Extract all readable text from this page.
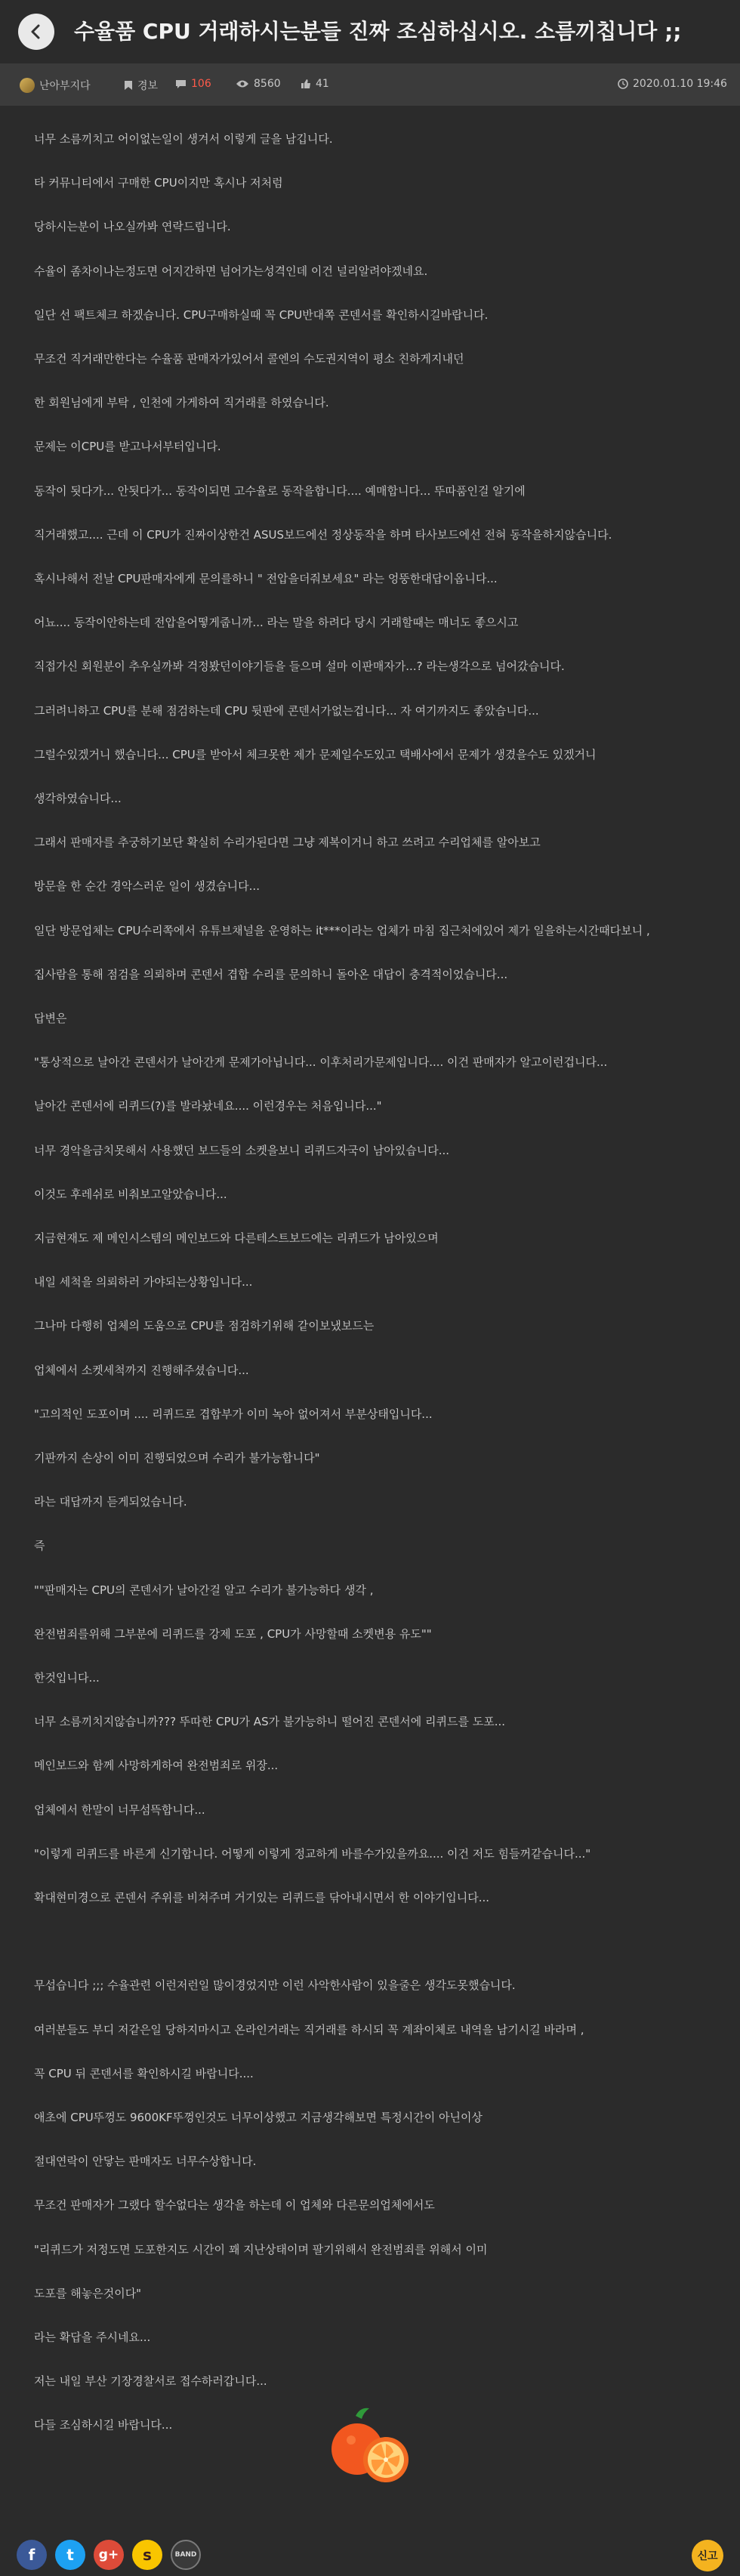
수율품 CPU 거래하시는분들 진짜 조심하십시오. 소름끼칩니다 ;;
난아부지다	경보	106	8560	41	2020.01.10 19:46
너무 소름끼치고 어이없는일이 생겨서 이렇게 글을 남깁니다.
타 커뮤니티에서 구매한 CPU이지만 혹시나 저처럼
당하시는분이 나오실까봐 연락드립니다.
수율이 좀차이나는정도면 어지간하면 넘어가는성격인데 이건 널리알려야겠네요.
일단 선 팩트체크 하겠습니다. CPU구매하실때 꼭 CPU반대쪽 콘덴서를 확인하시길바랍니다.
무조건 직거래만한다는 수율품 판매자가있어서 콜엔의 수도권지역이 평소 친하게지내던
한 회원님에게 부탁 , 인천에 가게하여 직거래를 하였습니다.
문제는 이CPU를 받고나서부터입니다.
동작이 됫다가... 안됫다가... 동작이되면 고수율로 동작을합니다.... 예매합니다... 뚜따품인걸 알기에
직거래했고.... 근데 이 CPU가 진짜이상한건 ASUS보드에선 정상동작을 하며 타사보드에선 전혀 동작을하지않습니다.
혹시나해서 전날 CPU판매자에게 문의를하니 " 전압을더줘보세요" 라는 엉뚱한대답이옵니다...
어뇨.... 동작이안하는데 전압을어떻게줍니까... 라는 말을 하려다 당시 거래할때는 매너도 좋으시고
직접가신 회원분이 추우실까봐 걱정봤던이야기들을 들으며 설마 이판매자가...? 라는생각으로 넘어갔습니다.
그러려니하고 CPU를 분해 점검하는데 CPU 뒷판에 콘덴서가없는겁니다... 자 여기까지도 좋았습니다...
그럴수있겠거니 했습니다... CPU를 받아서 체크못한 제가 문제일수도있고 택배사에서 문제가 생겼을수도 있겠거니
생각하였습니다...
그래서 판매자를 추궁하기보단 확실히 수리가된다면 그냥 제복이거니 하고 쓰려고 수리업체를 알아보고
방문을 한 순간 경악스러운 일이 생겼습니다...
일단 방문업체는 CPU수리쪽에서 유튜브채널을 운영하는 it***이라는 업체가 마침 집근처에있어 제가 일을하는시간때다보니 ,
집사람을 통해 점검을 의뢰하며 콘덴서 겹합 수리를 문의하니 돌아온 대답이 충격적이었습니다...
답변은
"통상적으로 날아간 콘덴서가 날아간게 문제가아닙니다... 이후처리가문제입니다.... 이건 판매자가 알고이런겁니다...
날아간 콘덴서에 리퀴드(?)를 발라놨네요.... 이런경우는 처음입니다..."
너무 경악을금치못해서 사용했던 보드들의 소켓을보니 리퀴드자국이 남아있습니다...
이것도 후레쉬로 비춰보고알았습니다...
지금현재도 제 메인시스템의 메인보드와 다른테스트보드에는 리퀴드가 남아있으며
내일 세척을 의뢰하러 가야되는상황입니다...
그나마 다행히 업체의 도움으로 CPU를 점검하기위해 같이보냈보드는
업체에서 소켓세척까지 진행해주셨습니다...
"고의적인 도포이며 .... 리퀴드로 겹합부가 이미 녹아 없어져서 부분상태입니다...
기판까지 손상이 이미 진행되었으며 수리가 불가능합니다"
라는 대답까지 듣게되었습니다.
즉
""판매자는 CPU의 콘덴서가 날아간걸 알고 수리가 불가능하다 생각 ,
완전범죄를위해 그부분에 리퀴드를 강제 도포 , CPU가 사망할때 소켓변용 유도""
한것입니다...
너무 소름끼치지않습니까??? 뚜따한 CPU가 AS가 불가능하니 떨어진 콘덴서에 리퀴드를 도포...
메인보드와 함께 사망하게하여 완전범죄로 위장...
업체에서 한말이 너무섬뜩합니다...
"이렇게 리퀴드를 바른게 신기합니다. 어떻게 이렇게 정교하게 바를수가있을까요.... 이건 저도 힘들꺼같습니다..."
확대현미경으로 콘덴서 주위를 비쳐주며 거기있는 리퀴드를 닦아내시면서 한 이야기입니다...
무섭습니다 ;;; 수율관련 이런저런일 많이경었지만 이런 사악한사람이 있을줄은 생각도못했습니다.
여러분들도 부디 저같은일 당하지마시고 온라인거래는 직거래를 하시되 꼭 계좌이체로 내역을 남기시길 바라며 ,
꼭 CPU 뒤 콘덴서를 확인하시길 바랍니다....
애초에 CPU뚜껑도 9600KF뚜껑인것도 너무이상했고 지금생각해보면 특정시간이 아닌이상
절대연락이 안닿는 판매자도 너무수상합니다.
무조건 판매자가 그랬다 할수없다는 생각을 하는데 이 업체와 다른문의업체에서도
"리퀴드가 저정도면 도포한지도 시간이 꽤 지난상태이며 팔기위해서 완전범죄를 위해서 이미
도포를 해놓은것이다"
라는 확답을 주시네요...
저는 내일 부산 기장경찰서로 접수하러갑니다...
다들 조심하시길 바랍니다...
f t g+ s	BAND	신고
